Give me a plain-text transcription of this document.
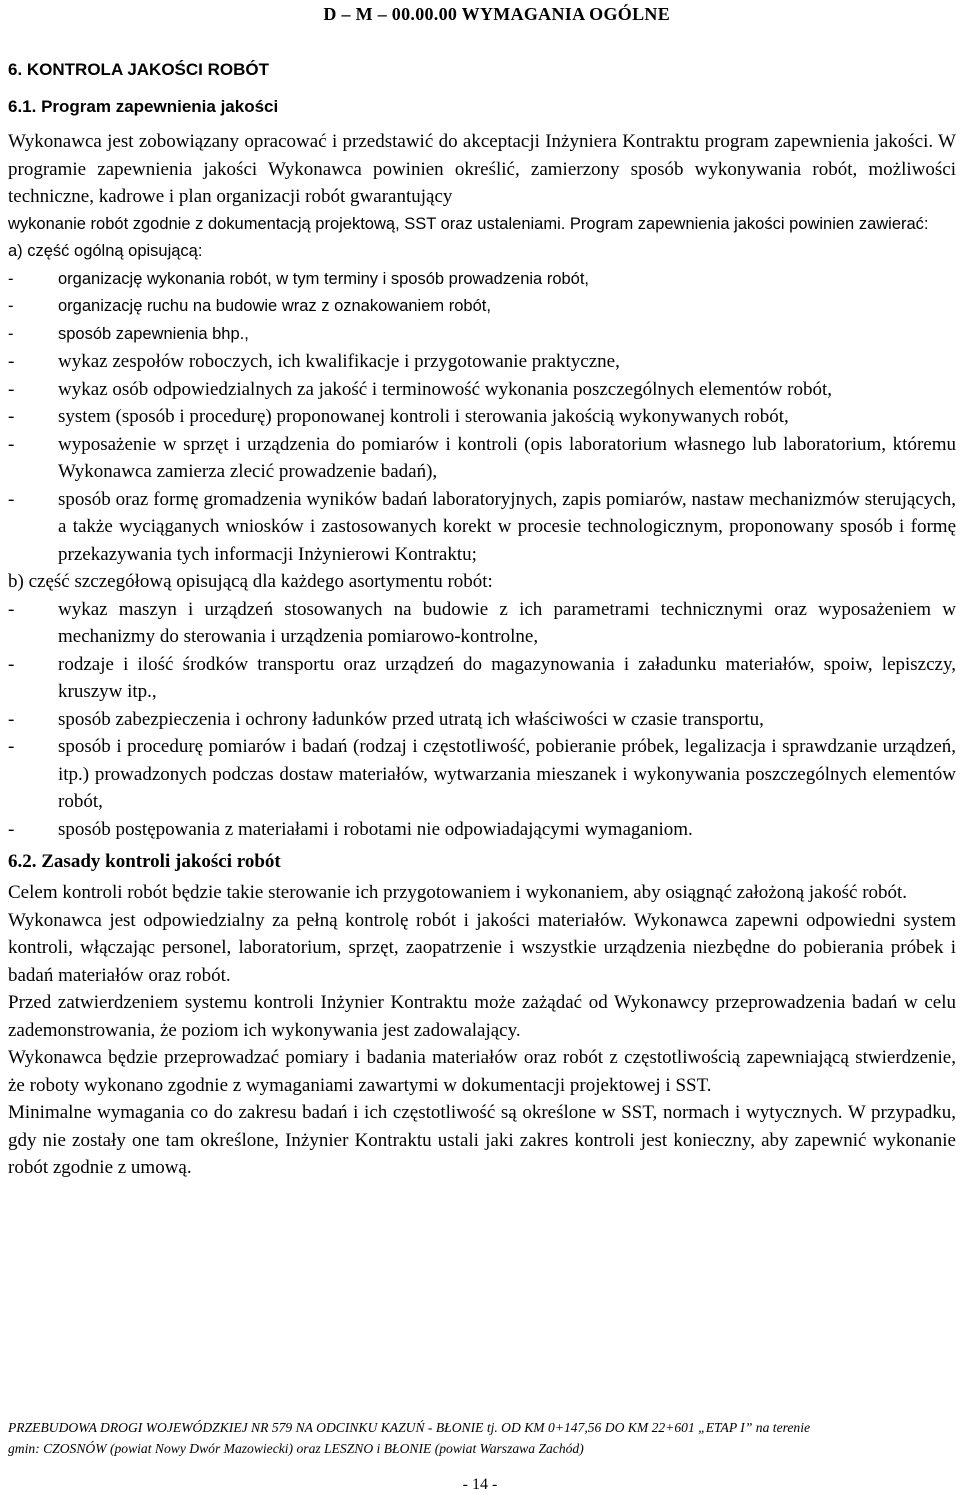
D – M – 00.00.00 WYMAGANIA OGÓLNE
6. KONTROLA JAKOŚCI ROBÓT
6.1. Program zapewnienia jakości

Wykonawca jest zobowiązany opracować i przedstawić do akceptacji Inżyniera Kontraktu program zapewnienia jakości. W programie zapewnienia jakości Wykonawca powinien określić, zamierzony sposób wykonywania robót, możliwości techniczne, kadrowe i plan organizacji robót gwarantujący

wykonanie robót zgodnie z dokumentacją projektową, SST oraz ustaleniami. Program zapewnienia jakości powinien zawierać:

a) część ogólną opisującą:

- organizację wykonania robót, w tym terminy i sposób prowadzenia robót,
- organizację ruchu na budowie wraz z oznakowaniem robót,
- sposób zapewnienia bhp.,
- wykaz zespołów roboczych, ich kwalifikacje i przygotowanie praktyczne,
- wykaz osób odpowiedzialnych za jakość i terminowość wykonania poszczególnych elementów robót,
- system (sposób i procedurę) proponowanej kontroli i sterowania jakością wykonywanych robót,
- wyposażenie w sprzęt i urządzenia do pomiarów i kontroli (opis laboratorium własnego lub laboratorium, któremu Wykonawca zamierza zlecić prowadzenie badań),
- sposób oraz formę gromadzenia wyników badań laboratoryjnych, zapis pomiarów, nastaw mechanizmów sterujących, a także wyciąganych wniosków i zastosowanych korekt w procesie technologicznym, proponowany sposób i formę przekazywania tych informacji Inżynierowi Kontraktu;

b) część szczegółową opisującą dla każdego asortymentu robót:

- wykaz maszyn i urządzeń stosowanych na budowie z ich parametrami technicznymi oraz wyposażeniem w mechanizmy do sterowania i urządzenia pomiarowo-kontrolne,
- rodzaje i ilość środków transportu oraz urządzeń do magazynowania i załadunku materiałów, spoiw, lepiszczy, kruszyw itp.,
- sposób zabezpieczenia i ochrony ładunków przed utratą ich właściwości w czasie transportu,
- sposób i procedurę pomiarów i badań (rodzaj i częstotliwość, pobieranie próbek, legalizacja i sprawdzanie urządzeń, itp.) prowadzonych podczas dostaw materiałów, wytwarzania mieszanek i wykonywania poszczególnych elementów robót,
- sposób postępowania z materiałami i robotami nie odpowiadającymi wymaganiom.
6.2. Zasady kontroli jakości robót

Celem kontroli robót będzie takie sterowanie ich przygotowaniem i wykonaniem, aby osiągnąć założoną jakość robót.

Wykonawca jest odpowiedzialny za pełną kontrolę robót i jakości materiałów. Wykonawca zapewni odpowiedni system kontroli, włączając personel, laboratorium, sprzęt, zaopatrzenie i wszystkie urządzenia niezbędne do pobierania próbek i badań materiałów oraz robót.

Przed zatwierdzeniem systemu kontroli Inżynier Kontraktu może zażądać od Wykonawcy przeprowadzenia badań w celu zademonstrowania, że poziom ich wykonywania jest zadowalający.

Wykonawca będzie przeprowadzać pomiary i badania materiałów oraz robót z częstotliwością zapewniającą stwierdzenie, że roboty wykonano zgodnie z wymaganiami zawartymi w dokumentacji projektowej i SST.

Minimalne wymagania co do zakresu badań i ich częstotliwość są określone w SST, normach i wytycznych. W przypadku, gdy nie zostały one tam określone, Inżynier Kontraktu ustali jaki zakres kontroli jest konieczny, aby zapewnić wykonanie robót zgodnie z umową.

PRZEBUDOWA DROGI WOJEWÓDZKIEJ NR 579 NA ODCINKU KAZUŃ - BŁONIE tj. OD KM 0+147,56 DO KM 22+601 „ETAP I” na terenie
gmin: CZOSNÓW (powiat Nowy Dwór Mazowiecki) oraz LESZNO i BŁONIE (powiat Warszawa Zachód)
- 14 -
